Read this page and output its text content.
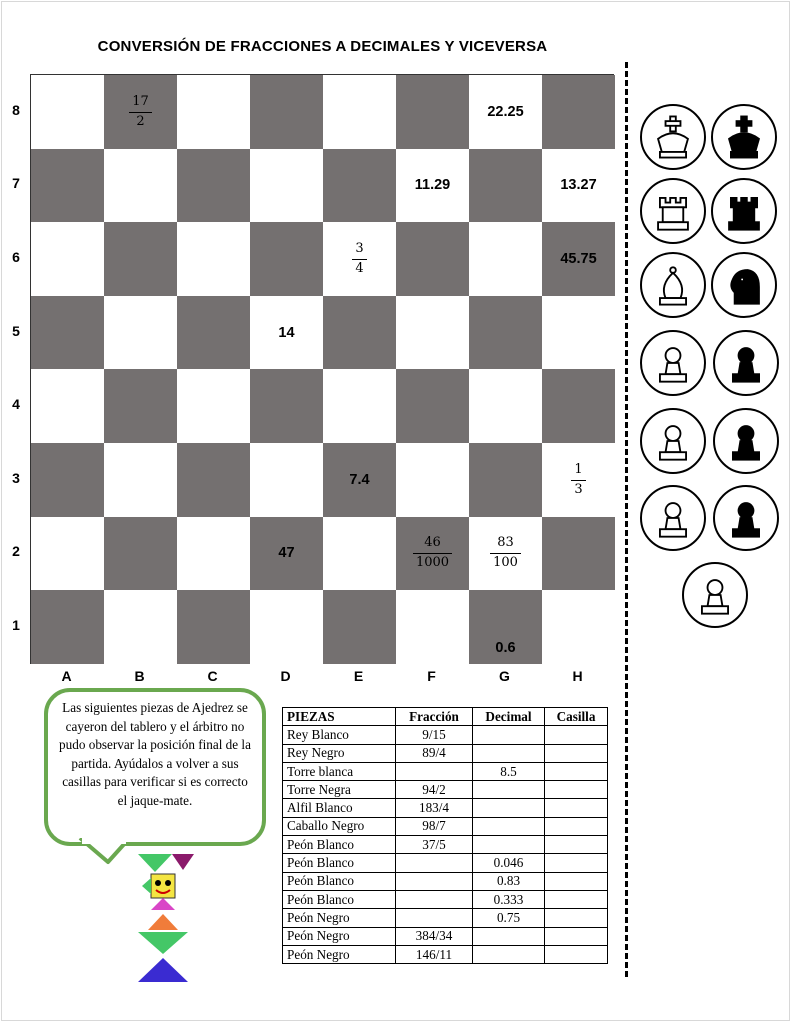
CONVERSIÓN DE FRACCIONES A DECIMALES Y VICEVERSA
$\frac{17}{2}$	22.25
11.29	13.27
$\frac{3}{4}$	45.75
14
7.4	$\frac{1}{3}$
47	$\frac{46}{1000}$	$\frac{83}{100}$
0.6
8
7
6
5
4
3
2
1
A	B	C	D	E	F	G	H
Las siguientes piezas de Ajedrez se cayeron del tablero y el árbitro no pudo observar la posición final de la partida. Ayúdalos a volver a sus casillas para verificar si es correcto el jaque-mate.
PIEZAS	Fracción	Decimal	Casilla
Rey Blanco	9/15		
Rey Negro	89/4		
Torre blanca		8.5	
Torre Negra	94/2		
Alfil Blanco	183/4		
Caballo Negro	98/7		
Peón Blanco	37/5		
Peón Blanco		0.046	
Peón Blanco		0.83	
Peón Blanco		0.333	
Peón Negro		0.75	
Peón Negro	384/34		
Peón Negro	146/11		
